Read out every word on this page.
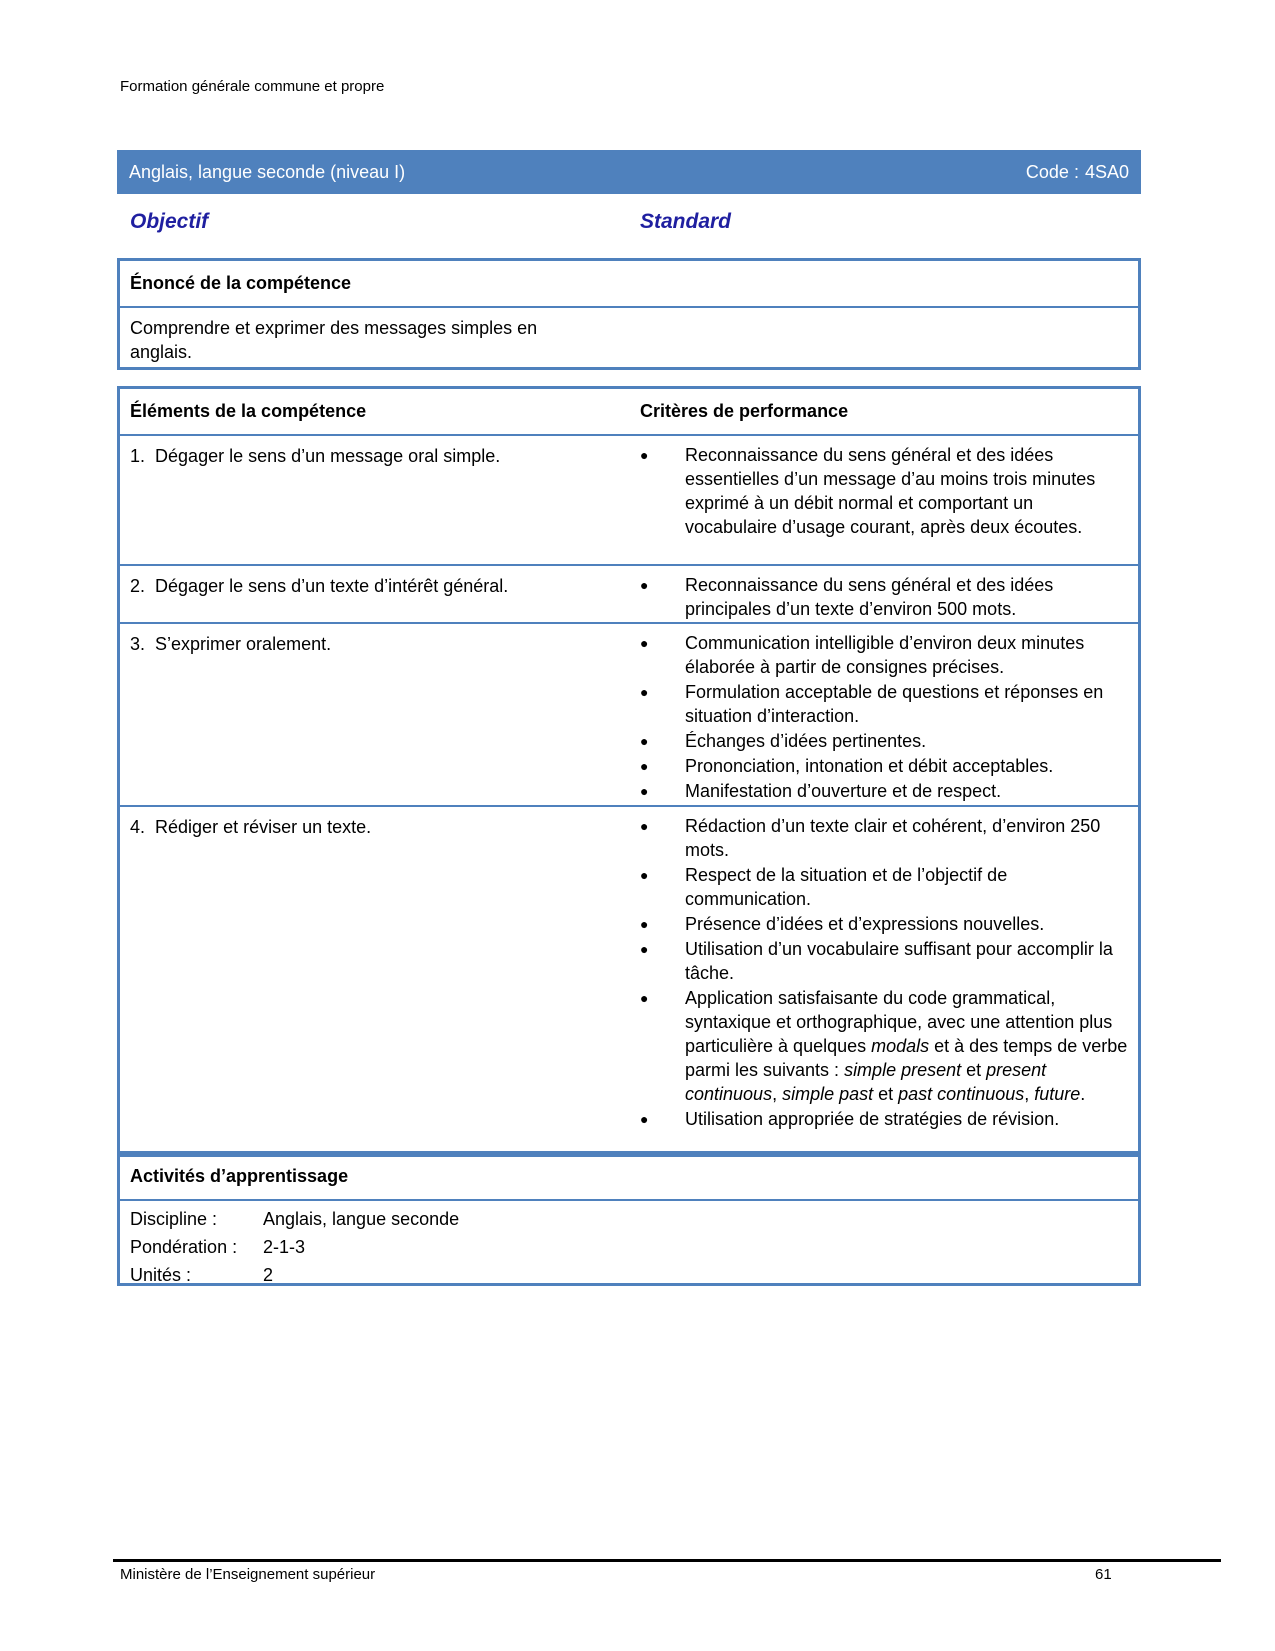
Formation générale commune et propre
Anglais, langue seconde (niveau I)	Code : 4SA0
Objectif	Standard
Énoncé de la compétence
Comprendre et exprimer des messages simples en anglais.
Éléments de la compétence	Critères de performance
1. Dégager le sens d’un message oral simple.	● Reconnaissance du sens général et des idées essentielles d’un message d’au moins trois minutes exprimé à un débit normal et comportant un vocabulaire d’usage courant, après deux écoutes.
2. Dégager le sens d’un texte d’intérêt général.	● Reconnaissance du sens général et des idées principales d’un texte d’environ 500 mots.
3. S’exprimer oralement.	● Communication intelligible d’environ deux minutes élaborée à partir de consignes précises.
● Formulation acceptable de questions et réponses en situation d’interaction.
● Échanges d’idées pertinentes.
● Prononciation, intonation et débit acceptables.
● Manifestation d’ouverture et de respect.
4. Rédiger et réviser un texte.	● Rédaction d’un texte clair et cohérent, d’environ 250 mots.
● Respect de la situation et de l’objectif de communication.
● Présence d’idées et d’expressions nouvelles.
● Utilisation d’un vocabulaire suffisant pour accomplir la tâche.
● Application satisfaisante du code grammatical, syntaxique et orthographique, avec une attention plus particulière à quelques modals et à des temps de verbe parmi les suivants : simple present et present continuous, simple past et past continuous, future.
● Utilisation appropriée de stratégies de révision.
Activités d’apprentissage
Discipline :	Anglais, langue seconde
Pondération : 2-1-3
Unités :	2
Ministère de l’Enseignement supérieur	61
